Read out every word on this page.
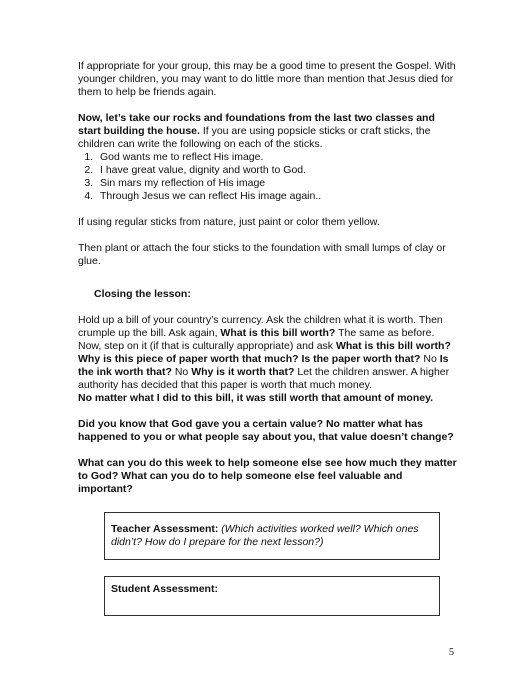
If appropriate for your group, this may be a good time to present the Gospel. With younger children, you may want to do little more than mention that Jesus died for them to help be friends again.

Now, let’s take our rocks and foundations from the last two classes and start building the house. If you are using popsicle sticks or craft sticks, the children can write the following on each of the sticks.

1. God wants me to reflect His image.
2. I have great value, dignity and worth to God.
3. Sin mars my reflection of His image
4. Through Jesus we can reflect His image again..

If using regular sticks from nature, just paint or color them yellow.

Then plant or attach the four sticks to the foundation with small lumps of clay or glue.

Closing the lesson:

Hold up a bill of your country’s currency. Ask the children what it is worth. Then crumple up the bill. Ask again, What is this bill worth? The same as before.
Now, step on it (if that is culturally appropriate) and ask What is this bill worth? Why is this piece of paper worth that much? Is the paper worth that? No Is the ink worth that? No Why is it worth that? Let the children answer. A higher authority has decided that this paper is worth that much money.
No matter what I did to this bill, it was still worth that amount of money.

Did you know that God gave you a certain value? No matter what has happened to you or what people say about you, that value doesn’t change?

What can you do this week to help someone else see how much they matter to God? What can you do to help someone else feel valuable and important?

Teacher Assessment: (Which activities worked well? Which ones didn’t? How do I prepare for the next lesson?)
Student Assessment:
5
